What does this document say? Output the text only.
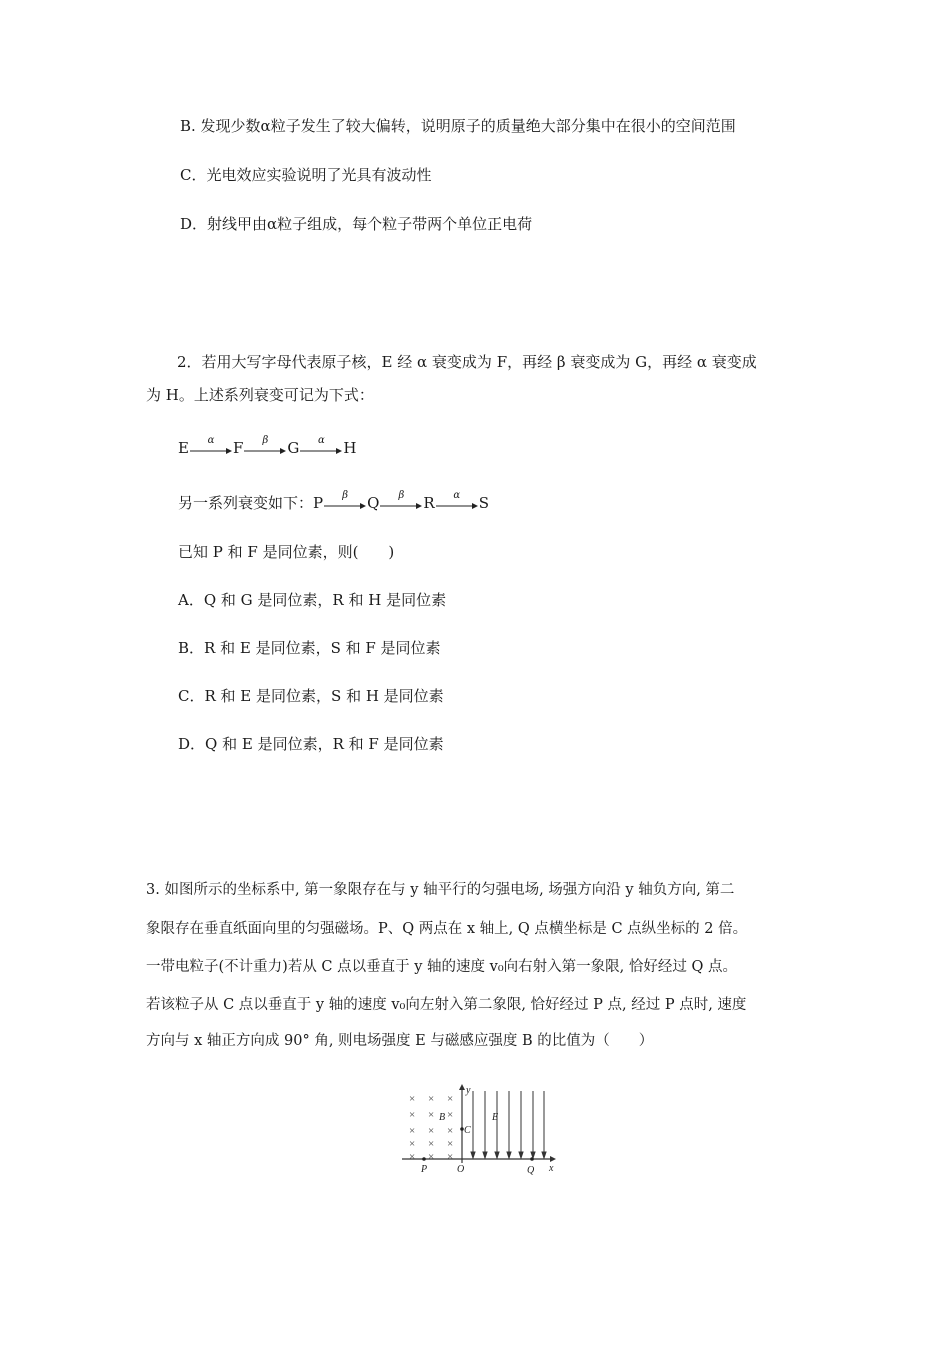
B. 发现少数α粒子发生了较大偏转，说明原子的质量绝大部分集中在很小的空间范围
C．光电效应实验说明了光具有波动性
D．射线甲由α粒子组成，每个粒子带两个单位正电荷
2．若用大写字母代表原子核，E 经 α 衰变成为 F，再经 β 衰变成为 G，再经 α 衰变成
为 H。上述系列衰变可记为下式：
E	α	F	β	G	α	H
另一系列衰变如下： P	β	Q	β	R	α	S
已知 P 和 F 是同位素，则(　　)
A．Q 和 G 是同位素，R 和 H 是同位素
B．R 和 E 是同位素，S 和 F 是同位素
C．R 和 E 是同位素，S 和 H 是同位素
D．Q 和 E 是同位素，R 和 F 是同位素
3. 如图所示的坐标系中, 第一象限存在与 y 轴平行的匀强电场, 场强方向沿 y 轴负方向, 第二
象限存在垂直纸面向里的匀强磁场。P、Q 两点在 x 轴上, Q 点横坐标是 C 点纵坐标的 2 倍。
一带电粒子(不计重力)若从 C 点以垂直于 y 轴的速度 v₀向右射入第一象限, 恰好经过 Q 点。
若该粒子从 C 点以垂直于 y 轴的速度 v₀向左射入第二象限, 恰好经过 P 点, 经过 P 点时, 速度
方向与 x 轴正方向成 90° 角, 则电场强度 E 与磁感应强度 B 的比值为（　　）
× × ×
× × ×
× × ×
× × ×
× × ×
y
x
O
P	Q
C
B	E
